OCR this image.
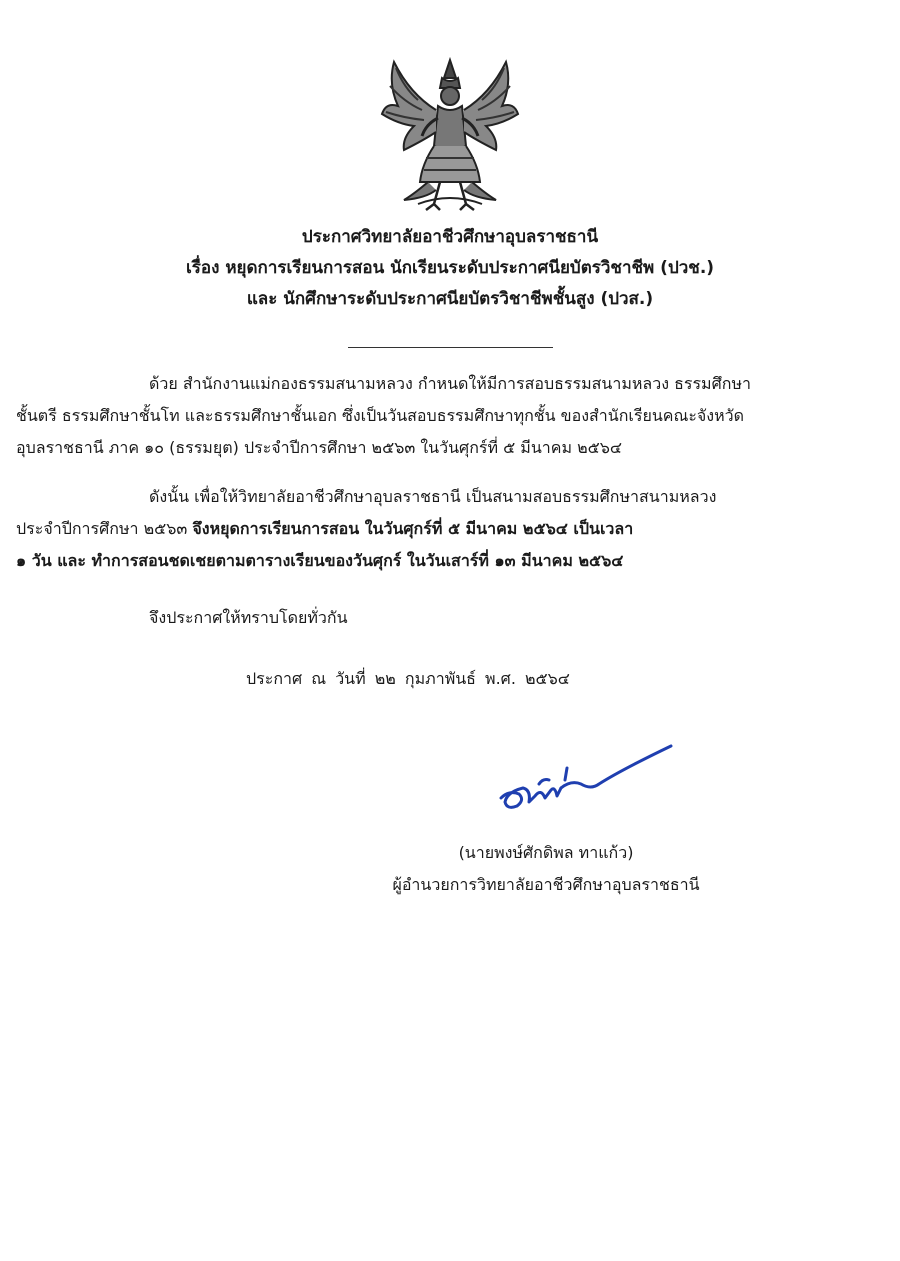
ประกาศวิทยาลัยอาชีวศึกษาอุบลราชธานี
เรื่อง หยุดการเรียนการสอน นักเรียนระดับประกาศนียบัตรวิชาชีพ (ปวช.)
และ นักศึกษาระดับประกาศนียบัตรวิชาชีพชั้นสูง (ปวส.)
ด้วย สำนักงานแม่กองธรรมสนามหลวง กำหนดให้มีการสอบธรรมสนามหลวง ธรรมศึกษา
ชั้นตรี ธรรมศึกษาชั้นโท และธรรมศึกษาชั้นเอก ซึ่งเป็นวันสอบธรรมศึกษาทุกชั้น ของสำนักเรียนคณะจังหวัด
อุบลราชธานี ภาค ๑๐ (ธรรมยุต) ประจำปีการศึกษา ๒๕๖๓ ในวันศุกร์ที่ ๕ มีนาคม ๒๕๖๔
ดังนั้น เพื่อให้วิทยาลัยอาชีวศึกษาอุบลราชธานี เป็นสนามสอบธรรมศึกษาสนามหลวง
ประจำปีการศึกษา ๒๕๖๓ จึงหยุดการเรียนการสอน ในวันศุกร์ที่ ๕ มีนาคม ๒๕๖๔ เป็นเวลา
๑ วัน และ ทำการสอนชดเชยตามตารางเรียนของวันศุกร์ ในวันเสาร์ที่ ๑๓ มีนาคม ๒๕๖๔
จึงประกาศให้ทราบโดยทั่วกัน
ประกาศ ณ วันที่ ๒๒ กุมภาพันธ์ พ.ศ. ๒๕๖๔
(นายพงษ์ศักดิพล ทาแก้ว)
ผู้อำนวยการวิทยาลัยอาชีวศึกษาอุบลราชธานี
